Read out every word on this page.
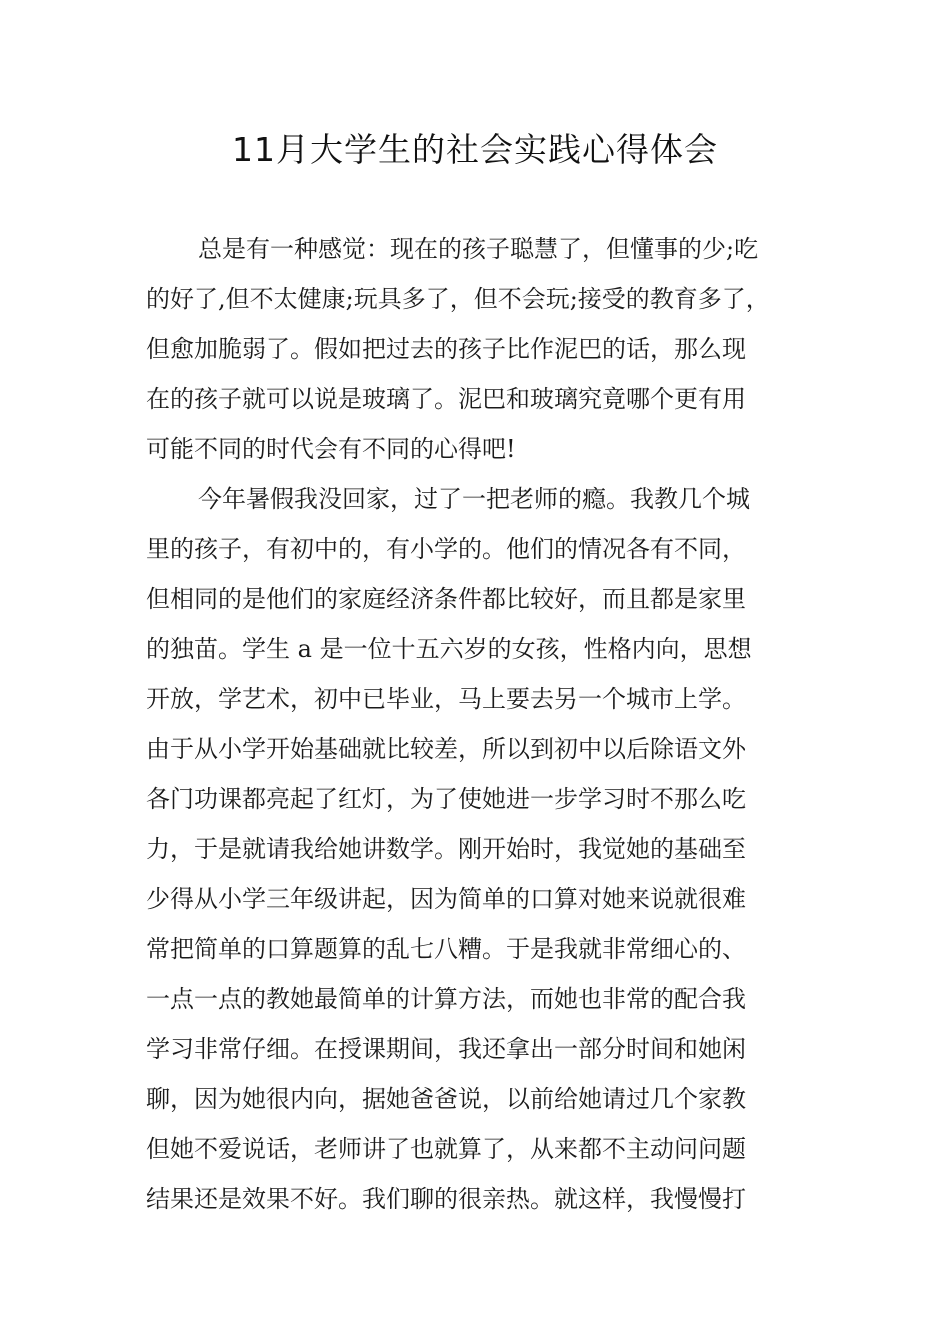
11月大学生的社会实践心得体会
总是有一种感觉：现在的孩子聪慧了，但懂事的少;吃
的好了,但不太健康;玩具多了，但不会玩;接受的教育多了，
但愈加脆弱了。假如把过去的孩子比作泥巴的话，那么现
在的孩子就可以说是玻璃了。泥巴和玻璃究竟哪个更有用
可能不同的时代会有不同的心得吧!
今年暑假我没回家，过了一把老师的瘾。我教几个城
里的孩子，有初中的，有小学的。他们的情况各有不同，
但相同的是他们的家庭经济条件都比较好，而且都是家里
的独苗。学生 a 是一位十五六岁的女孩，性格内向，思想
开放，学艺术，初中已毕业，马上要去另一个城市上学。
由于从小学开始基础就比较差，所以到初中以后除语文外
各门功课都亮起了红灯，为了使她进一步学习时不那么吃
力，于是就请我给她讲数学。刚开始时，我觉她的基础至
少得从小学三年级讲起，因为简单的口算对她来说就很难
常把简单的口算题算的乱七八糟。于是我就非常细心的、
一点一点的教她最简单的计算方法，而她也非常的配合我
学习非常仔细。在授课期间，我还拿出一部分时间和她闲
聊，因为她很内向，据她爸爸说，以前给她请过几个家教
但她不爱说话，老师讲了也就算了，从来都不主动问问题
结果还是效果不好。我们聊的很亲热。就这样，我慢慢打
